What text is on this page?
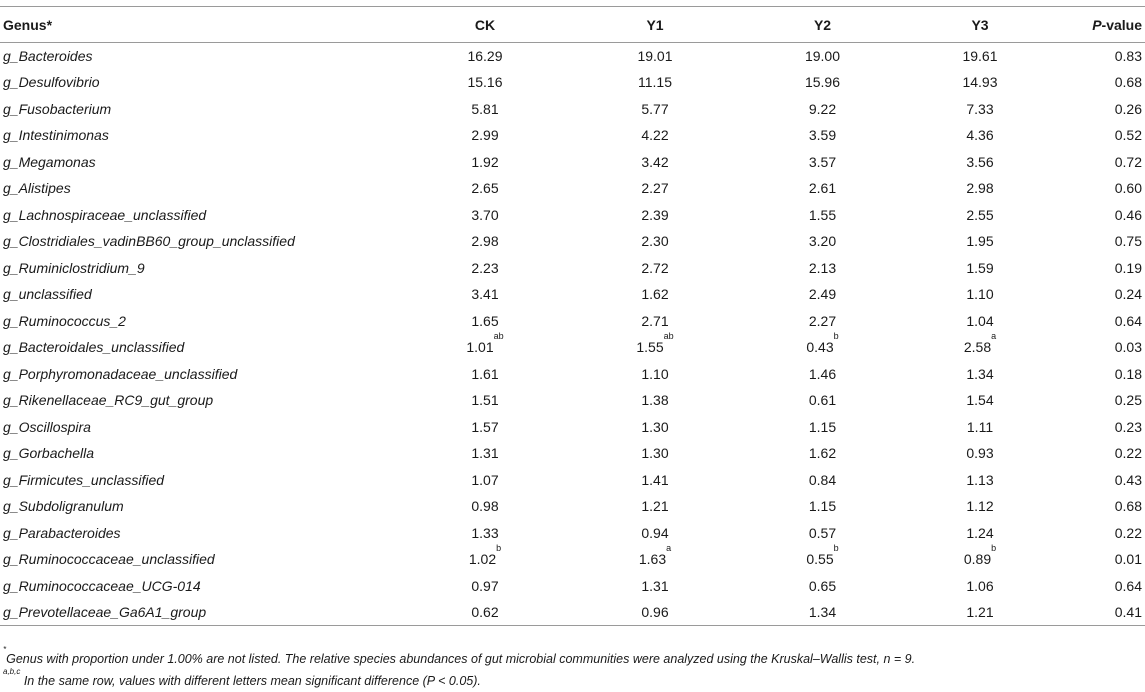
Genus*	CK	Y1	Y2	Y3	P-value
g_Bacteroides	16.29	19.01	19.00	19.61	0.83
g_Desulfovibrio	15.16	11.15	15.96	14.93	0.68
g_Fusobacterium	5.81	5.77	9.22	7.33	0.26
g_Intestinimonas	2.99	4.22	3.59	4.36	0.52
g_Megamonas	1.92	3.42	3.57	3.56	0.72
g_Alistipes	2.65	2.27	2.61	2.98	0.60
g_Lachnospiraceae_unclassified	3.70	2.39	1.55	2.55	0.46
g_Clostridiales_vadinBB60_group_unclassified	2.98	2.30	3.20	1.95	0.75
g_Ruminiclostridium_9	2.23	2.72	2.13	1.59	0.19
g_unclassified	3.41	1.62	2.49	1.10	0.24
g_Ruminococcus_2	1.65	2.71	2.27	1.04	0.64
g_Bacteroidales_unclassified	1.01$^{ab}$	1.55$^{ab}$	0.43$^b$	2.58$^a$	0.03
g_Porphyromonadaceae_unclassified	1.61	1.10	1.46	1.34	0.18
g_Rikenellaceae_RC9_gut_group	1.51	1.38	0.61	1.54	0.25
g_Oscillospira	1.57	1.30	1.15	1.11	0.23
g_Gorbachella	1.31	1.30	1.62	0.93	0.22
g_Firmicutes_unclassified	1.07	1.41	0.84	1.13	0.43
g_Subdoligranulum	0.98	1.21	1.15	1.12	0.68
g_Parabacteroides	1.33	0.94	0.57	1.24	0.22
g_Ruminococcaceae_unclassified	1.02$^b$	1.63$^a$	0.55$^b$	0.89$^b$	0.01
g_Ruminococcaceae_UCG-014	0.97	1.31	0.65	1.06	0.64
g_Prevotellaceae_Ga6A1_group	0.62	0.96	1.34	1.21	0.41
*Genus with proportion under 1.00% are not listed. The relative species abundances of gut microbial communities were analyzed using the Kruskal–Wallis test, n = 9.
$^{a,b,c}$ In the same row, values with different letters mean significant difference (P < 0.05).
